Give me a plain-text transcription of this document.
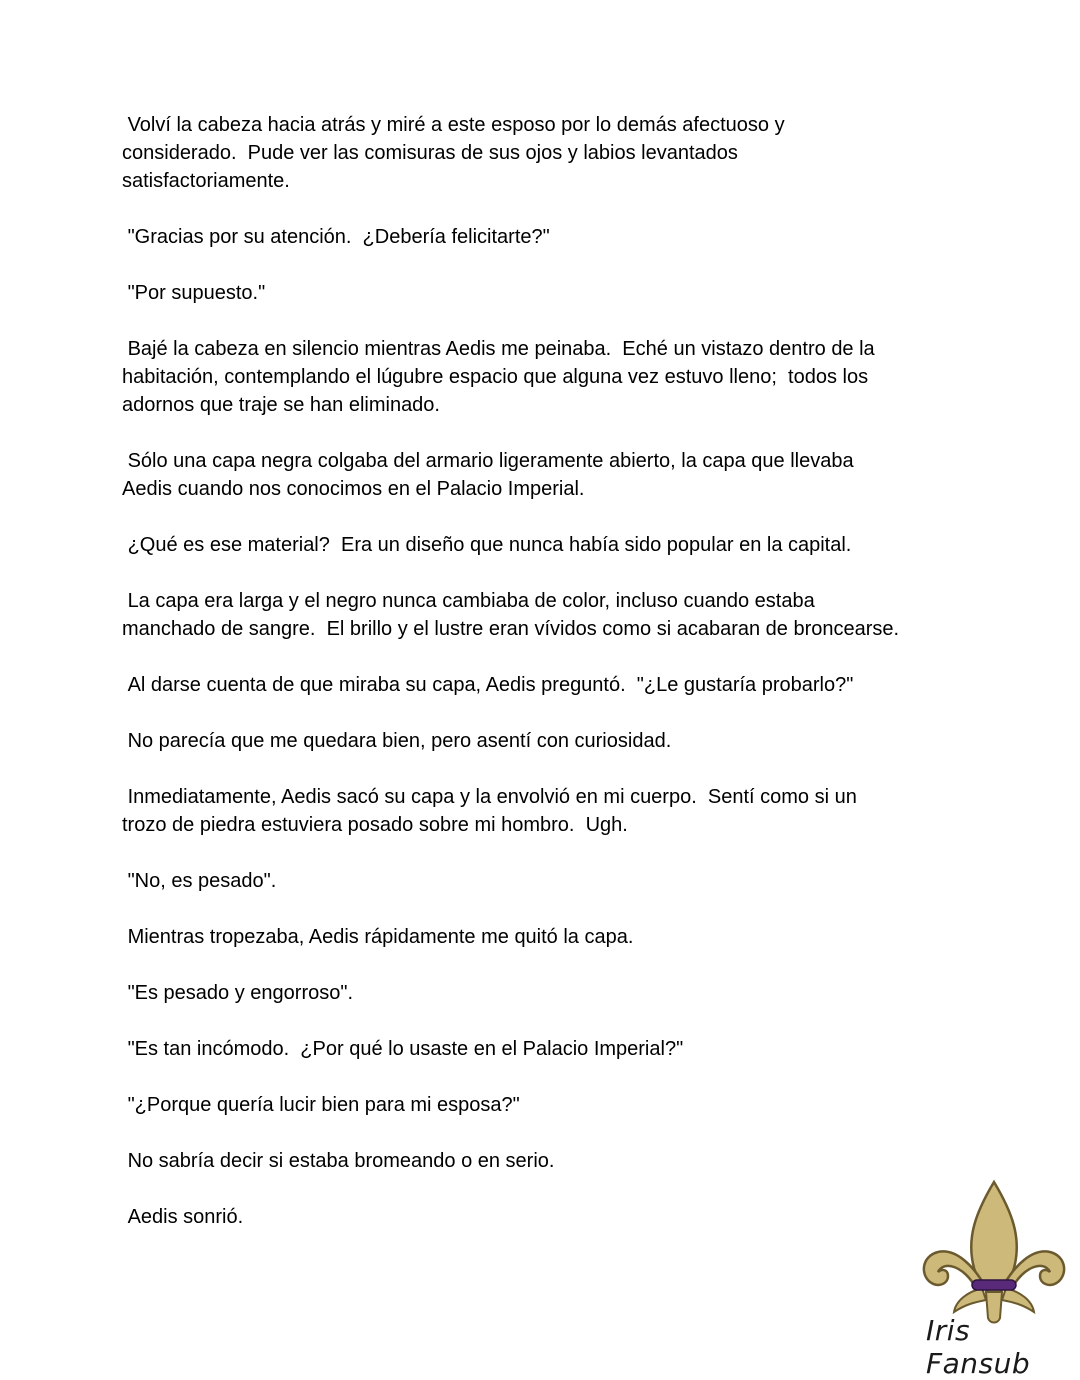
Volví la cabeza hacia atrás y miré a este esposo por lo demás afectuoso y
considerado.  Pude ver las comisuras de sus ojos y labios levantados
satisfactoriamente.

"Gracias por su atención.  ¿Debería felicitarte?"

"Por supuesto."

Bajé la cabeza en silencio mientras Aedis me peinaba.  Eché un vistazo dentro de la
habitación, contemplando el lúgubre espacio que alguna vez estuvo lleno;  todos los
adornos que traje se han eliminado.

Sólo una capa negra colgaba del armario ligeramente abierto, la capa que llevaba
Aedis cuando nos conocimos en el Palacio Imperial.

¿Qué es ese material?  Era un diseño que nunca había sido popular en la capital.

La capa era larga y el negro nunca cambiaba de color, incluso cuando estaba
manchado de sangre.  El brillo y el lustre eran vívidos como si acabaran de broncearse.

Al darse cuenta de que miraba su capa, Aedis preguntó.  "¿Le gustaría probarlo?"

No parecía que me quedara bien, pero asentí con curiosidad.

Inmediatamente, Aedis sacó su capa y la envolvió en mi cuerpo.  Sentí como si un
trozo de piedra estuviera posado sobre mi hombro.  Ugh.

"No, es pesado".

Mientras tropezaba, Aedis rápidamente me quitó la capa.

"Es pesado y engorroso".

"Es tan incómodo.  ¿Por qué lo usaste en el Palacio Imperial?"

"¿Porque quería lucir bien para mi esposa?"

No sabría decir si estaba bromeando o en serio.

Aedis sonrió.

Iris Fansub
